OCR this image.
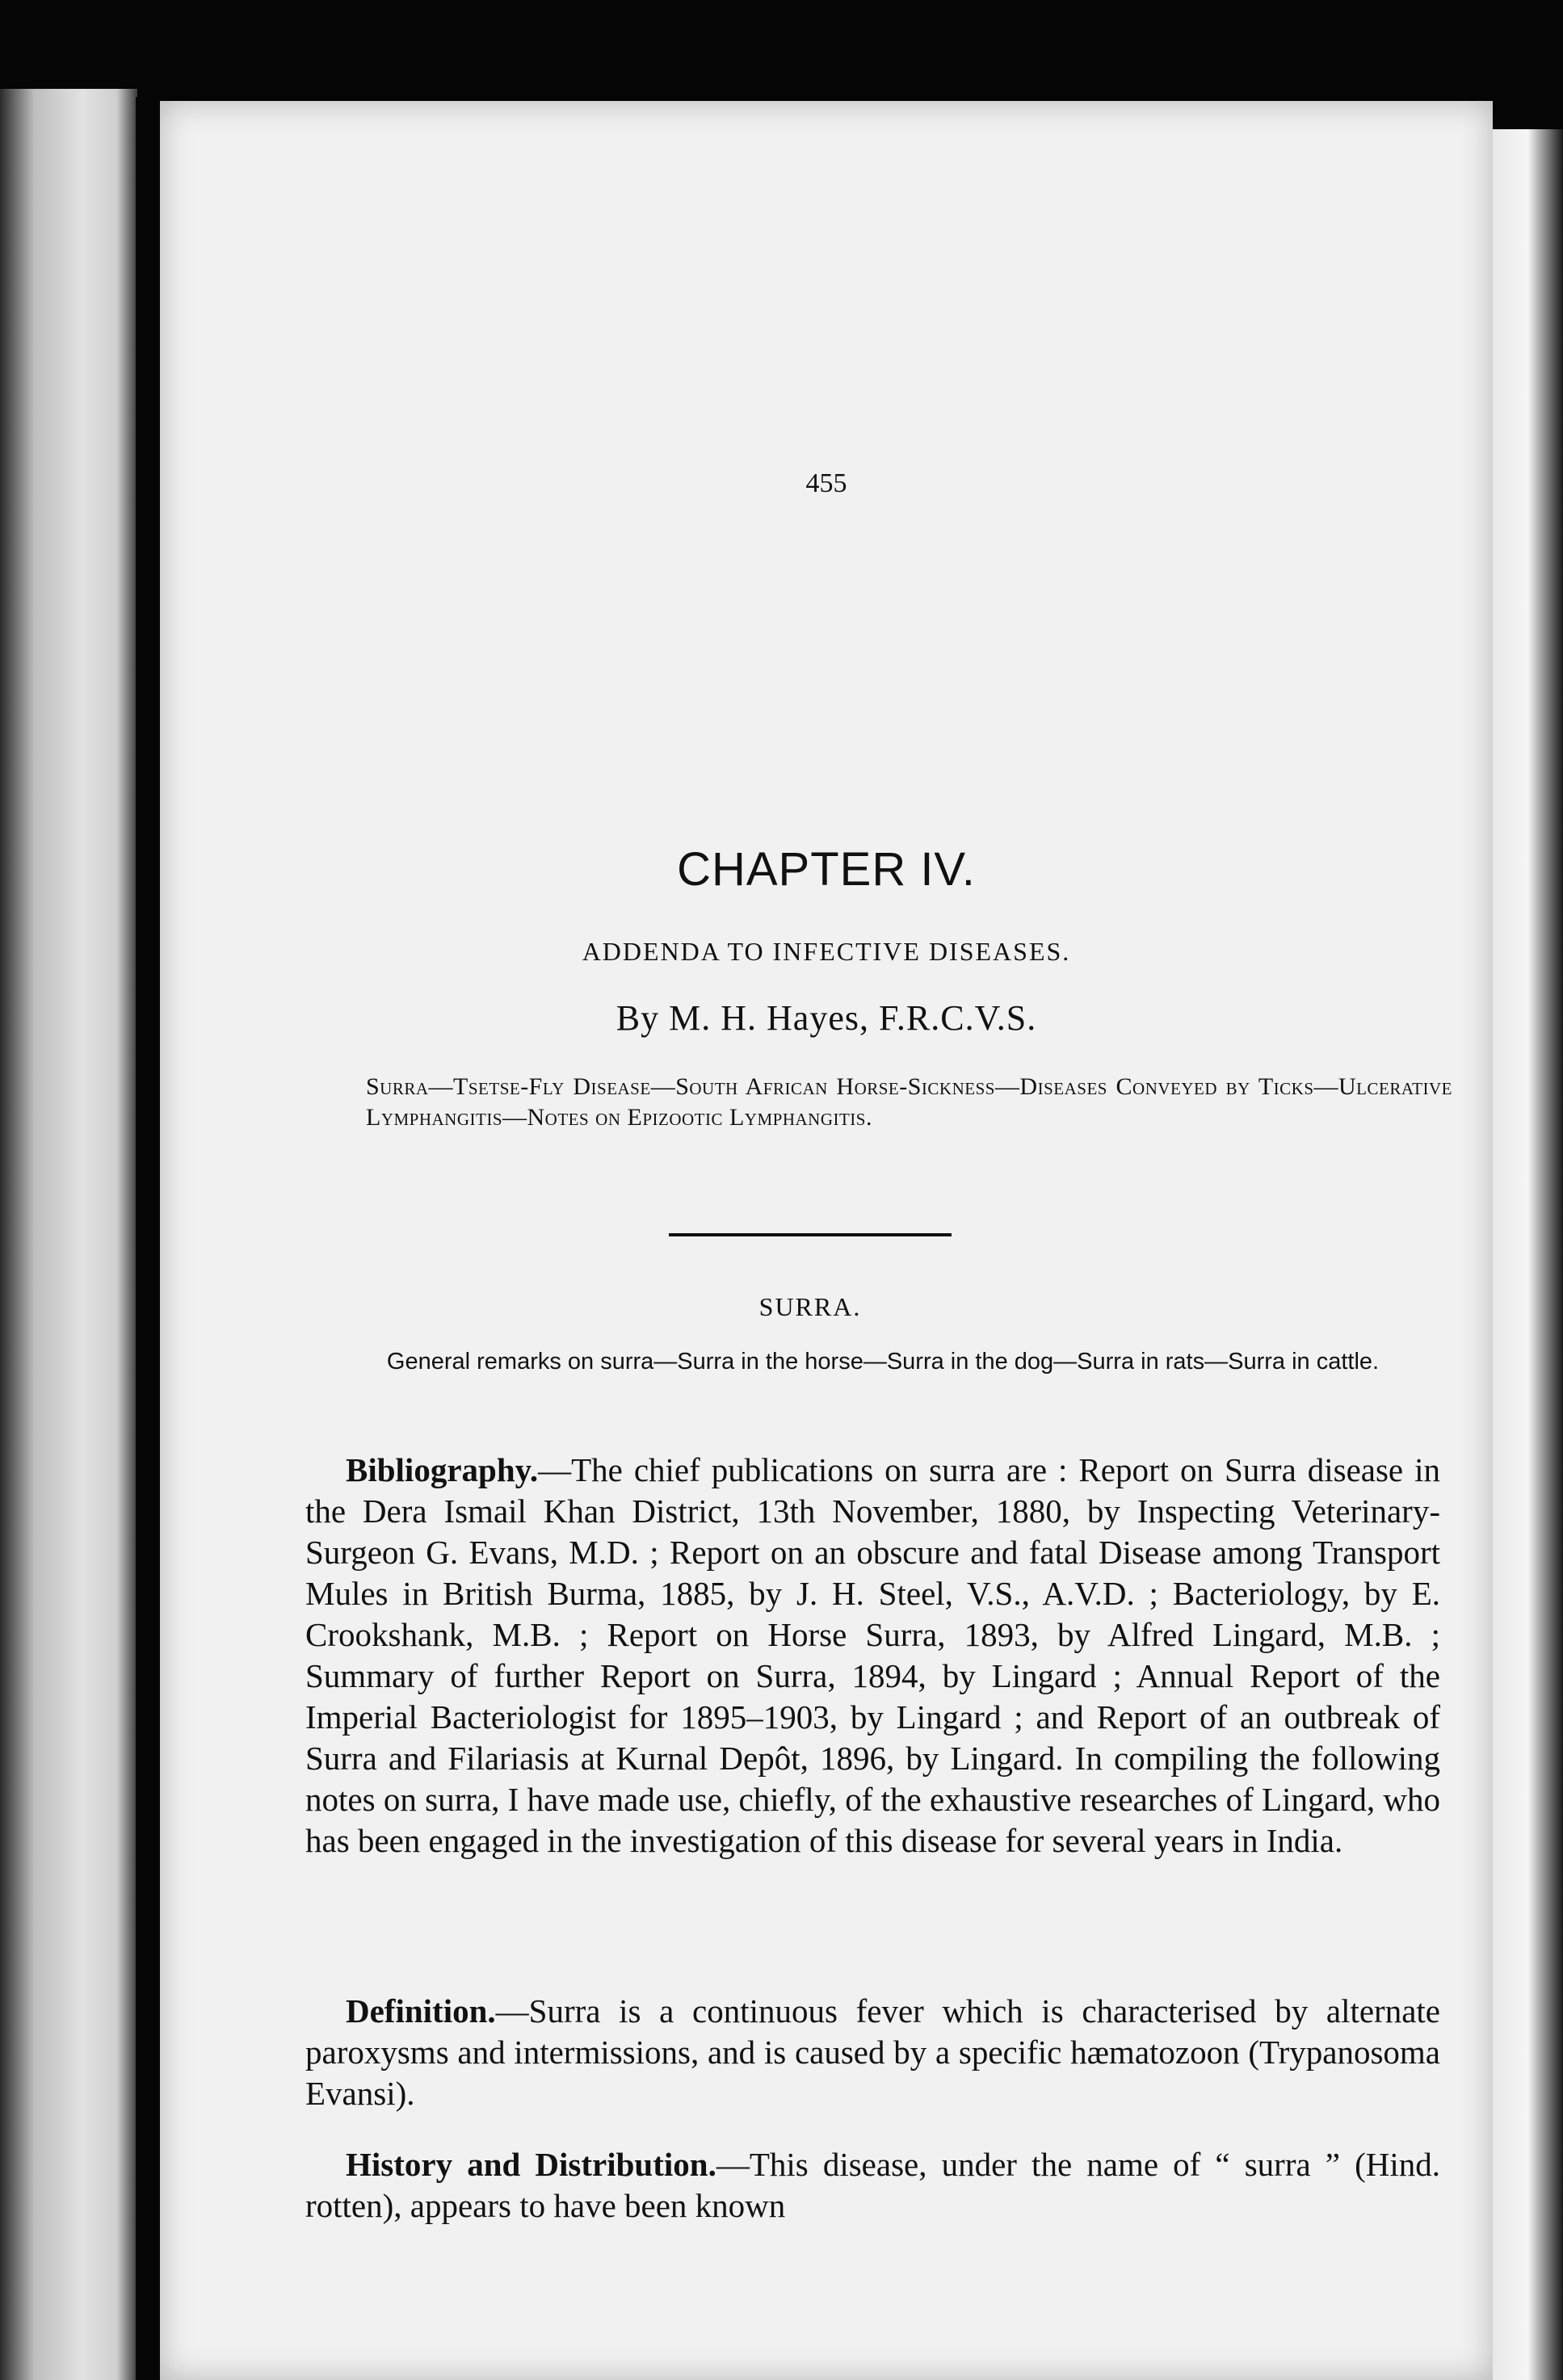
455
CHAPTER IV.
ADDENDA TO INFECTIVE DISEASES.
By M. H. Hayes, F.R.C.V.S.
Surra—Tsetse-Fly Disease—South African Horse-Sickness—Diseases Conveyed by Ticks—Ulcerative Lymphangitis—Notes on Epizootic Lymphangitis.
SURRA.
General remarks on surra—Surra in the horse—Surra in the dog—Surra in rats—Surra in cattle.
Bibliography.—The chief publications on surra are : Report on Surra disease in the Dera Ismail Khan District, 13th November, 1880, by Inspecting Veterinary-Surgeon G. Evans, M.D. ; Report on an obscure and fatal Disease among Transport Mules in British Burma, 1885, by J. H. Steel, V.S., A.V.D. ; Bacteriology, by E. Crookshank, M.B. ; Report on Horse Surra, 1893, by Alfred Lingard, M.B. ; Summary of further Report on Surra, 1894, by Lingard ; Annual Report of the Imperial Bacteriologist for 1895–1903, by Lingard ; and Report of an outbreak of Surra and Filariasis at Kurnal Depôt, 1896, by Lingard. In compiling the following notes on surra, I have made use, chiefly, of the exhaustive researches of Lingard, who has been engaged in the investigation of this disease for several years in India.
Definition.—Surra is a continuous fever which is characterised by alternate paroxysms and intermissions, and is caused by a specific hæmatozoon (Trypanosoma Evansi).
History and Distribution.—This disease, under the name of “ surra ” (Hind. rotten), appears to have been known
